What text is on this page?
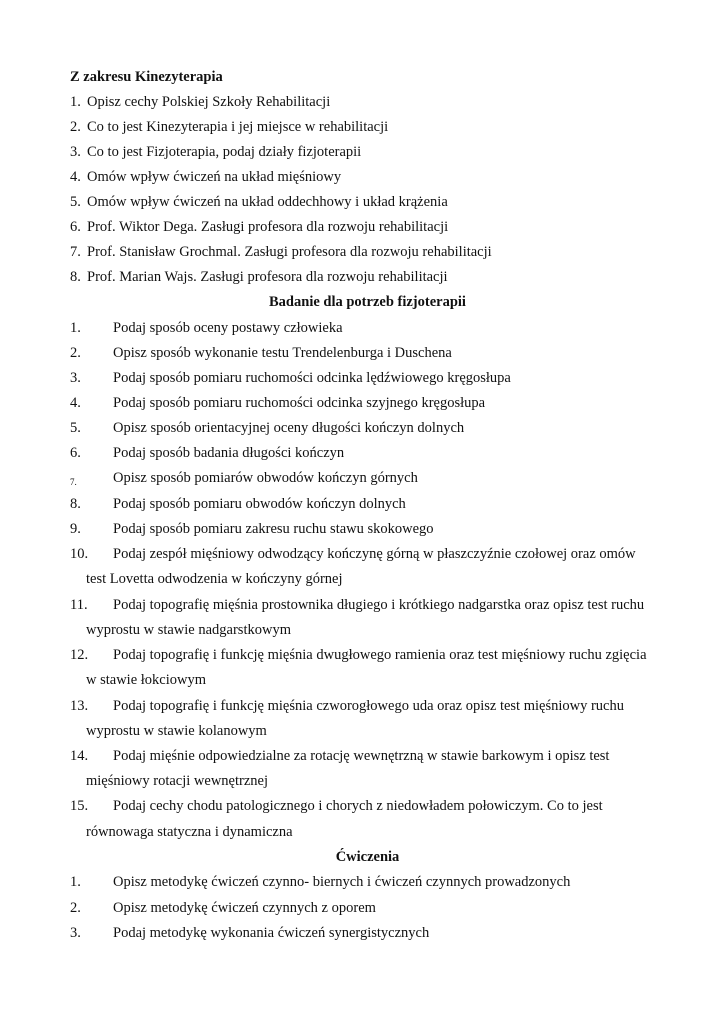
Z zakresu Kinezyterapia
1. Opisz cechy Polskiej Szkoły Rehabilitacji
2. Co to jest Kinezyterapia i jej miejsce w rehabilitacji
3. Co to jest Fizjoterapia, podaj działy fizjoterapii
4. Omów wpływ ćwiczeń na układ mięśniowy
5. Omów wpływ ćwiczeń na układ oddechhowy i układ krążenia
6. Prof. Wiktor Dega. Zasługi profesora dla rozwoju rehabilitacji
7. Prof. Stanisław Grochmal. Zasługi profesora dla rozwoju rehabilitacji
8. Prof. Marian Wajs. Zasługi profesora dla rozwoju rehabilitacji
Badanie dla potrzeb fizjoterapii
1. Podaj sposób oceny postawy człowieka
2. Opisz sposób wykonanie testu Trendelenburga i Duschena
3. Podaj sposób pomiaru ruchomości odcinka lędźwiowego kręgosłupa
4. Podaj sposób pomiaru ruchomości odcinka szyjnego kręgosłupa
5. Opisz sposób orientacyjnej oceny długości kończyn dolnych
6. Podaj sposób badania długości kończyn
$_{7.}$	Opisz sposób pomiarów obwodów kończyn górnych
8. Podaj sposób pomiaru obwodów kończyn dolnych
9. Podaj sposób pomiaru zakresu ruchu stawu skokowego
10. Podaj zespół mięśniowy odwodzący kończynę górną w płaszczyźnie czołowej oraz omów
test Lovetta odwodzenia w kończyny górnej
11. Podaj topografię mięśnia prostownika długiego i krótkiego nadgarstka oraz opisz test ruchu
wyprostu w stawie nadgarstkowym
12. Podaj topografię i funkcję mięśnia dwugłowego ramienia oraz test mięśniowy ruchu zgięcia
w stawie łokciowym
13. Podaj topografię i funkcję mięśnia czworogłowego uda oraz opisz test mięśniowy ruchu
wyprostu w stawie kolanowym
14. Podaj mięśnie odpowiedzialne za rotację wewnętrzną w stawie barkowym i opisz test
mięśniowy rotacji wewnętrznej
15. Podaj cechy chodu patologicznego i chorych z niedowładem połowiczym. Co to jest
równowaga statyczna i dynamiczna
Ćwiczenia
1. Opisz metodykę ćwiczeń czynno- biernych i ćwiczeń czynnych prowadzonych
2. Opisz metodykę ćwiczeń czynnych z oporem
3. Podaj metodykę wykonania ćwiczeń synergistycznych
